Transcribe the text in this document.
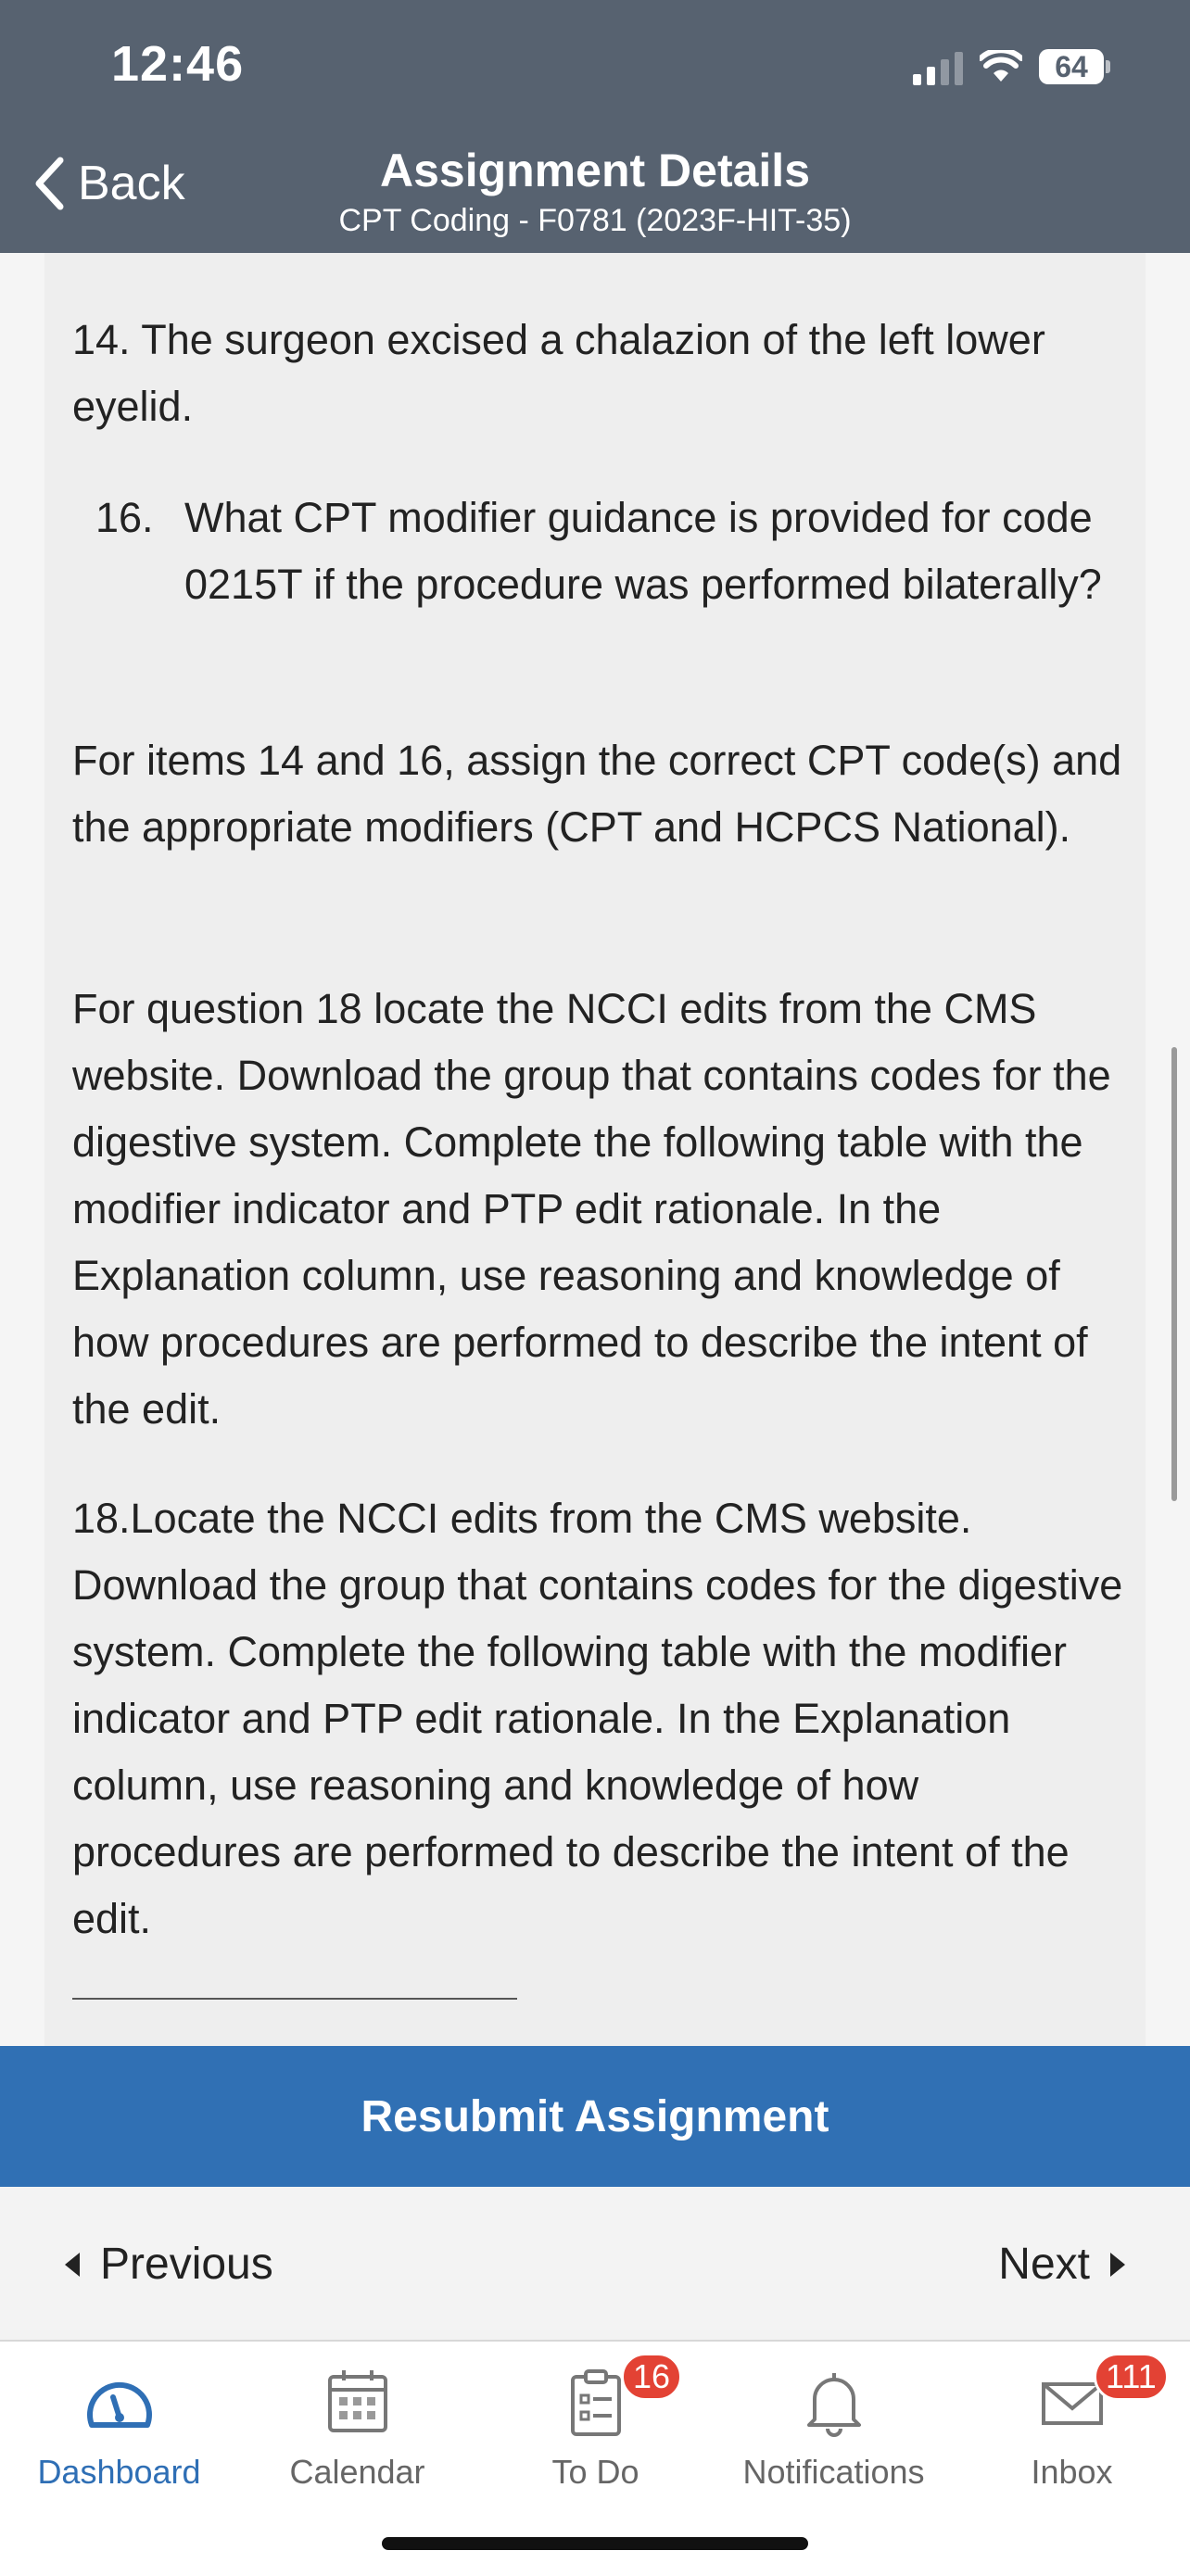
12:46	64
Back	Assignment Details
CPT Coding - F0781 (2023F-HIT-35)

14. The surgeon excised a chalazion of the left lower eyelid.

16. What CPT modifier guidance is provided for code 0215T if the procedure was performed bilaterally?

For items 14 and 16, assign the correct CPT code(s) and the appropriate modifiers (CPT and HCPCS National).

For question 18 locate the NCCI edits from the CMS website. Download the group that contains codes for the digestive system. Complete the following table with the modifier indicator and PTP edit rationale. In the Explanation column, use reasoning and knowledge of how procedures are performed to describe the intent of the edit.

18.Locate the NCCI edits from the CMS website. Download the group that contains codes for the digestive system. Complete the following table with the modifier indicator and PTP edit rationale. In the Explanation column, use reasoning and knowledge of how procedures are performed to describe the intent of the edit.

Resubmit Assignment
Previous	Next
Dashboard	Calendar
16
To Do	Notifications
111
Inbox
